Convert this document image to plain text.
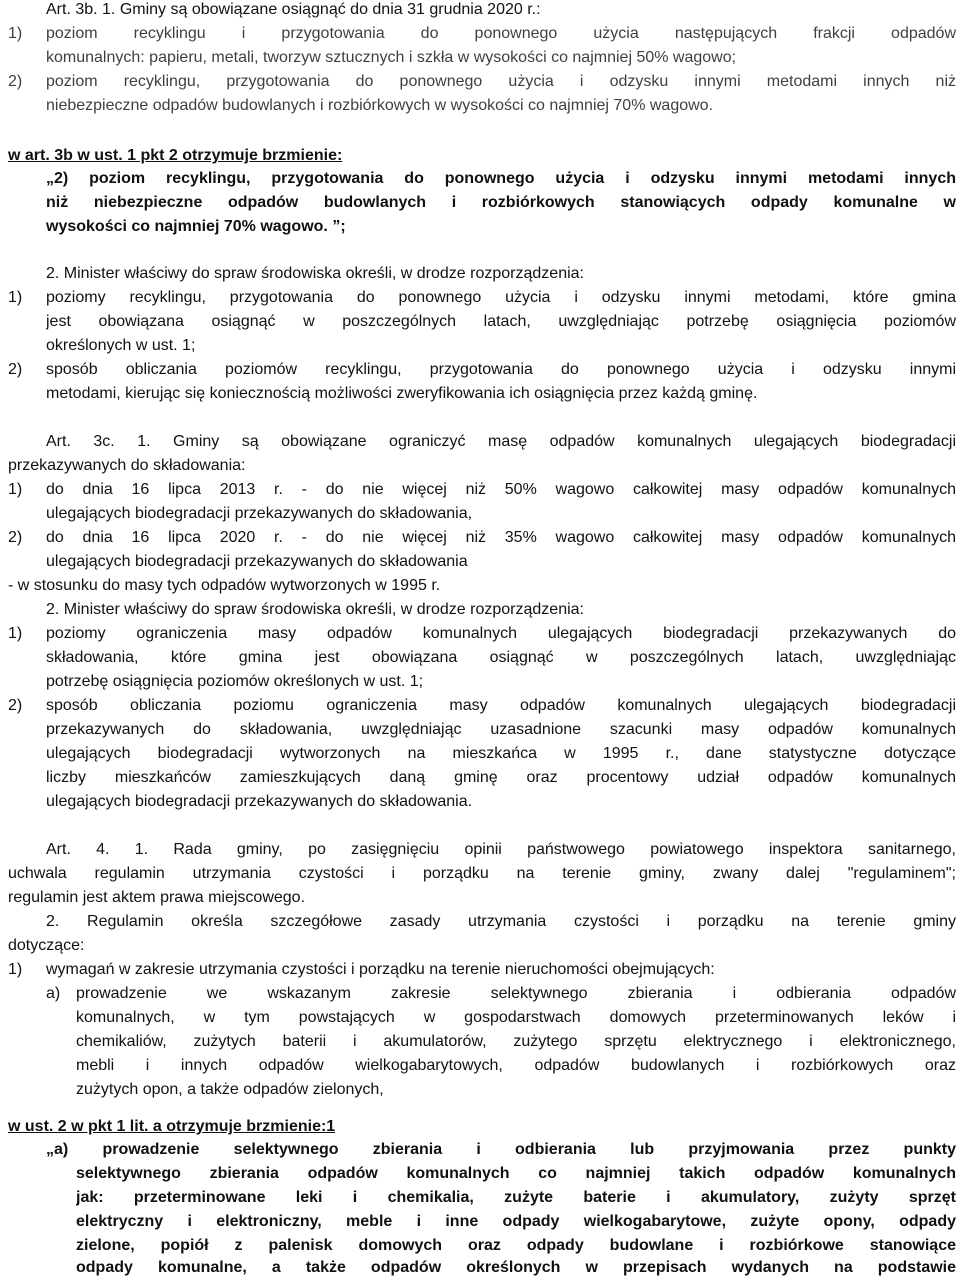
Art. 3b. 1. Gminy są obowiązane osiągnąć do dnia 31 grudnia 2020 r.:
1) poziom recyklingu i przygotowania do ponownego użycia następujących frakcji odpadów
komunalnych: papieru, metali, tworzyw sztucznych i szkła w wysokości co najmniej 50% wagowo;
2) poziom recyklingu, przygotowania do ponownego użycia i odzysku innymi metodami innych niż
niebezpieczne odpadów budowlanych i rozbiórkowych w wysokości co najmniej 70% wagowo.
w art. 3b w ust. 1 pkt 2 otrzymuje brzmienie:
„2) poziom recyklingu, przygotowania do ponownego użycia i odzysku innymi metodami innych
niż niebezpieczne odpadów budowlanych i rozbiórkowych stanowiących odpady komunalne w
wysokości co najmniej 70% wagowo. ”;
2. Minister właściwy do spraw środowiska określi, w drodze rozporządzenia:
1) poziomy recyklingu, przygotowania do ponownego użycia i odzysku innymi metodami, które gmina
jest obowiązana osiągnąć w poszczególnych latach, uwzględniając potrzebę osiągnięcia poziomów
określonych w ust. 1;
2) sposób obliczania poziomów recyklingu, przygotowania do ponownego użycia i odzysku innymi
metodami, kierując się koniecznością możliwości zweryfikowania ich osiągnięcia przez każdą gminę.
Art. 3c. 1. Gminy są obowiązane ograniczyć masę odpadów komunalnych ulegających biodegradacji
przekazywanych do składowania:
1) do dnia 16 lipca 2013 r. - do nie więcej niż 50% wagowo całkowitej masy odpadów komunalnych
ulegających biodegradacji przekazywanych do składowania,
2) do dnia 16 lipca 2020 r. - do nie więcej niż 35% wagowo całkowitej masy odpadów komunalnych
ulegających biodegradacji przekazywanych do składowania
- w stosunku do masy tych odpadów wytworzonych w 1995 r.
2. Minister właściwy do spraw środowiska określi, w drodze rozporządzenia:
1) poziomy ograniczenia masy odpadów komunalnych ulegających biodegradacji przekazywanych do
składowania, które gmina jest obowiązana osiągnąć w poszczególnych latach, uwzględniając
potrzebę osiągnięcia poziomów określonych w ust. 1;
2) sposób obliczania poziomu ograniczenia masy odpadów komunalnych ulegających biodegradacji
przekazywanych do składowania, uwzględniając uzasadnione szacunki masy odpadów komunalnych
ulegających biodegradacji wytworzonych na mieszkańca w 1995 r., dane statystyczne dotyczące
liczby mieszkańców zamieszkujących daną gminę oraz procentowy udział odpadów komunalnych
ulegających biodegradacji przekazywanych do składowania.
Art. 4. 1. Rada gminy, po zasięgnięciu opinii państwowego powiatowego inspektora sanitarnego,
uchwala regulamin utrzymania czystości i porządku na terenie gminy, zwany dalej "regulaminem";
regulamin jest aktem prawa miejscowego.
2. Regulamin określa szczegółowe zasady utrzymania czystości i porządku na terenie gminy
dotyczące:
1) wymagań w zakresie utrzymania czystości i porządku na terenie nieruchomości obejmujących:
a) prowadzenie we wskazanym zakresie selektywnego zbierania i odbierania odpadów
komunalnych, w tym powstających w gospodarstwach domowych przeterminowanych leków i
chemikaliów, zużytych baterii i akumulatorów, zużytego sprzętu elektrycznego i elektronicznego,
mebli i innych odpadów wielkogabarytowych, odpadów budowlanych i rozbiórkowych oraz
zużytych opon, a także odpadów zielonych,
w ust. 2 w pkt 1 lit. a otrzymuje brzmienie:1
„a) prowadzenie selektywnego zbierania i odbierania lub przyjmowania przez punkty
selektywnego zbierania odpadów komunalnych co najmniej takich odpadów komunalnych
jak: przeterminowane leki i chemikalia, zużyte baterie i akumulatory, zużyty sprzęt
elektryczny i elektroniczny, meble i inne odpady wielkogabarytowe, zużyte opony, odpady
zielone, popiół z palenisk domowych oraz odpady budowlane i rozbiórkowe stanowiące
odpady komunalne, a także odpadów określonych w przepisach wydanych na podstawie
